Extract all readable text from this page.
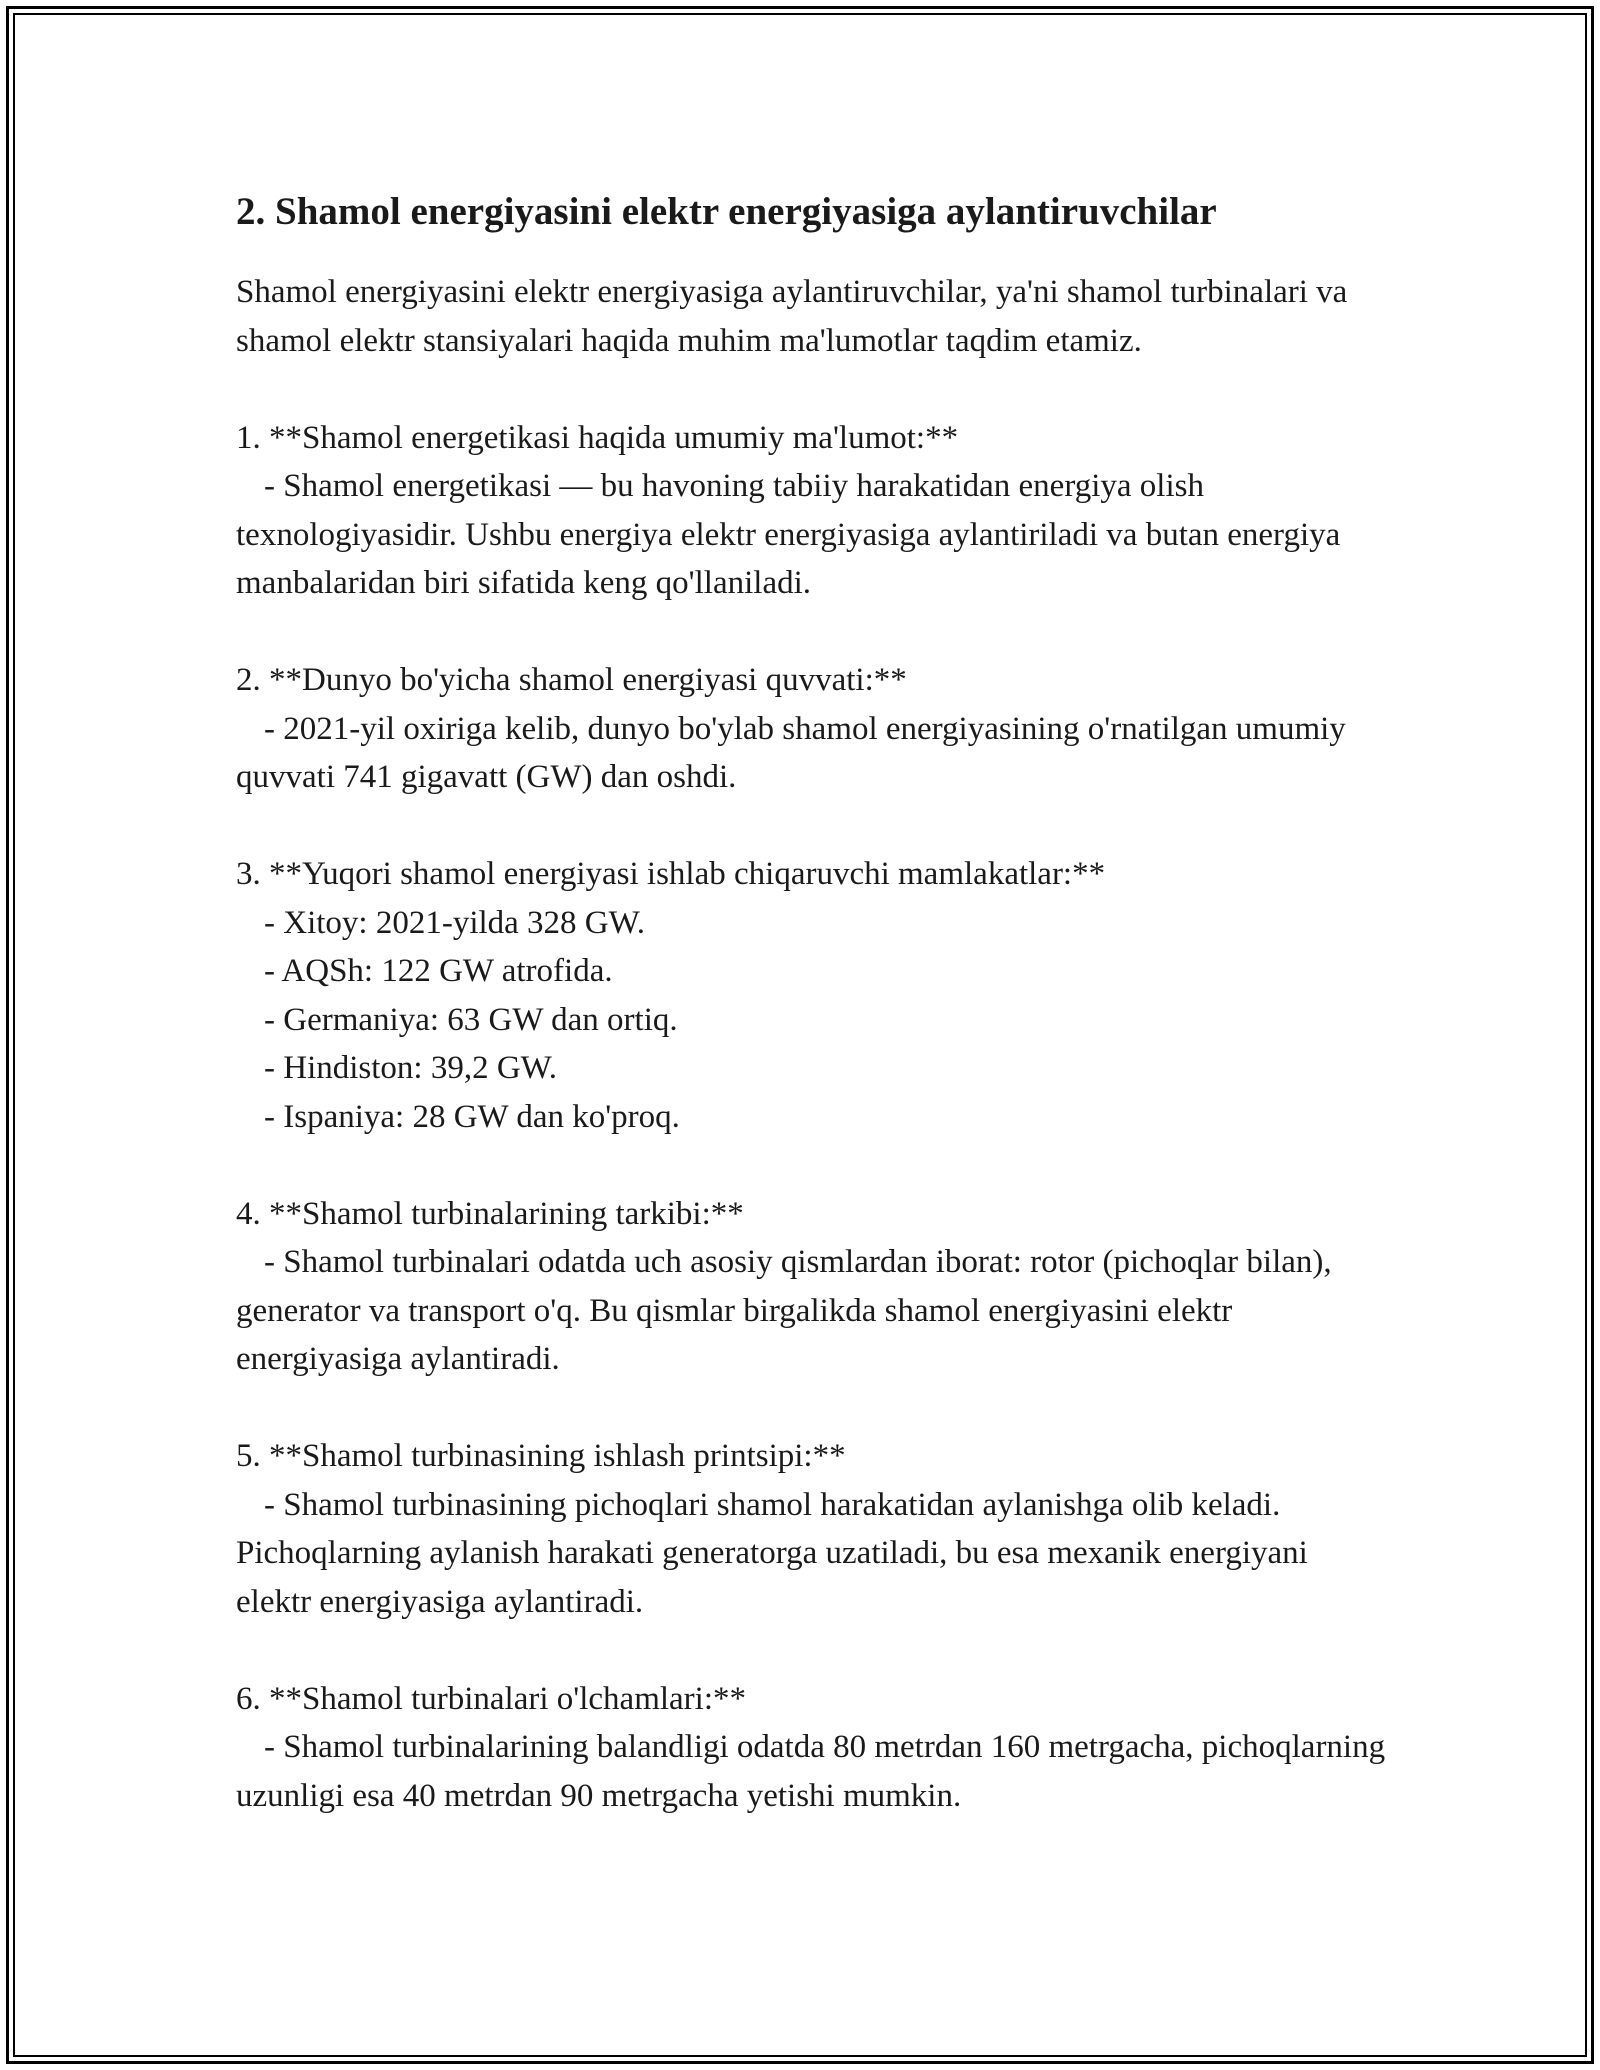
2. Shamol energiyasini elektr energiyasiga aylantiruvchilar

Shamol energiyasini elektr energiyasiga aylantiruvchilar, ya'ni shamol turbinalari va shamol elektr stansiyalari haqida muhim ma'lumotlar taqdim etamiz.

1. **Shamol energetikasi haqida umumiy ma'lumot:**

- Shamol energetikasi — bu havoning tabiiy harakatidan energiya olish texnologiyasidir. Ushbu energiya elektr energiyasiga aylantiriladi va butan energiya manbalaridan biri sifatida keng qo'llaniladi.

2. **Dunyo bo'yicha shamol energiyasi quvvati:**

- 2021-yil oxiriga kelib, dunyo bo'ylab shamol energiyasining o'rnatilgan umumiy quvvati 741 gigavatt (GW) dan oshdi.

3. **Yuqori shamol energiyasi ishlab chiqaruvchi mamlakatlar:**

- Xitoy: 2021-yilda 328 GW.

- AQSh: 122 GW atrofida.

- Germaniya: 63 GW dan ortiq.

- Hindiston: 39,2 GW.

- Ispaniya: 28 GW dan ko'proq.

4. **Shamol turbinalarining tarkibi:**

- Shamol turbinalari odatda uch asosiy qismlardan iborat: rotor (pichoqlar bilan), generator va transport o'q. Bu qismlar birgalikda shamol energiyasini elektr energiyasiga aylantiradi.

5. **Shamol turbinasining ishlash printsipi:**

- Shamol turbinasining pichoqlari shamol harakatidan aylanishga olib keladi. Pichoqlarning aylanish harakati generatorga uzatiladi, bu esa mexanik energiyani elektr energiyasiga aylantiradi.

6. **Shamol turbinalari o'lchamlari:**

- Shamol turbinalarining balandligi odatda 80 metrdan 160 metrgacha, pichoqlarning uzunligi esa 40 metrdan 90 metrgacha yetishi mumkin.
